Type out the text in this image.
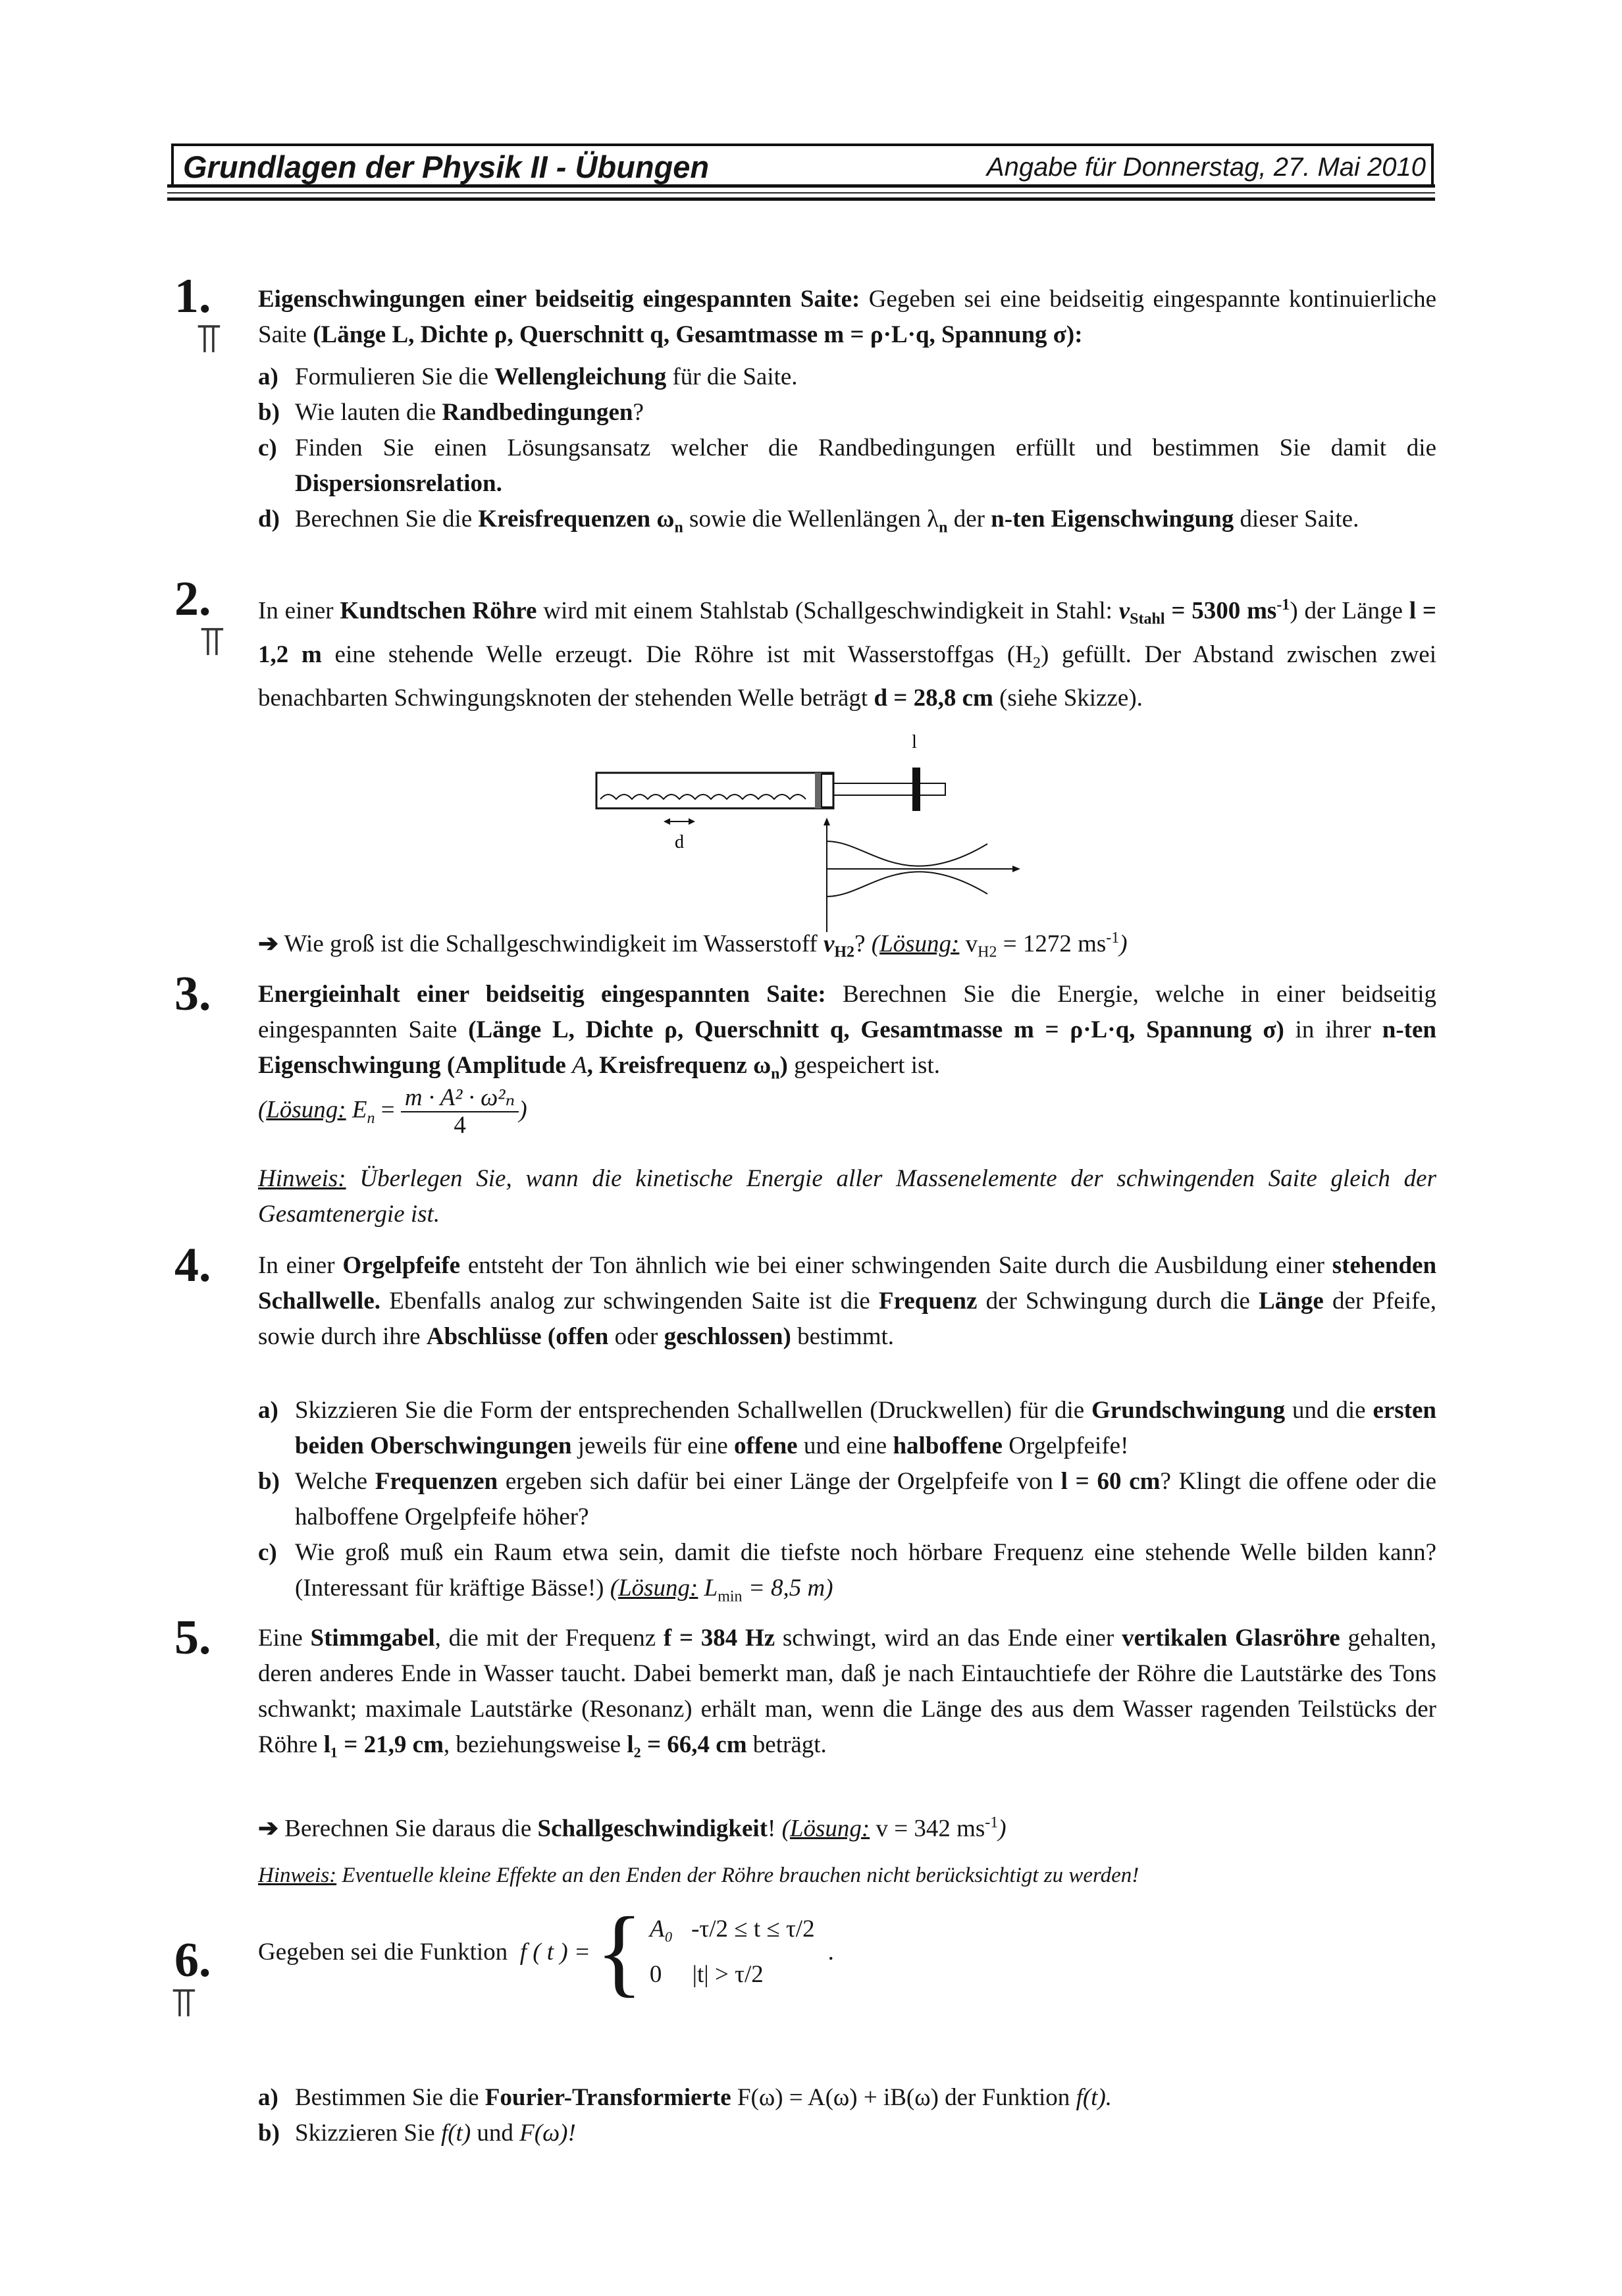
Grundlagen der Physik II - Übungen	Angabe für Donnerstag, 27. Mai 2010
1.
⫪
Eigenschwingungen einer beidseitig eingespannten Saite: Gegeben sei eine beidseitig eingespannte kontinuierliche Saite (Länge L, Dichte ρ, Querschnitt q, Gesamtmasse m = ρ·L·q, Spannung σ):
a) Formulieren Sie die Wellengleichung für die Saite.
b) Wie lauten die Randbedingungen?
c) Finden Sie einen Lösungsansatz welcher die Randbedingungen erfüllt und bestimmen Sie damit die Dispersionsrelation.
d) Berechnen Sie die Kreisfrequenzen $\omega_n$ sowie die Wellenlängen $\lambda_n$ der n-ten Eigenschwingung dieser Saite.
2.
⫪
In einer Kundtschen Röhre wird mit einem Stahlstab (Schallgeschwindigkeit in Stahl: $v_{Stahl} = 5300$ $ms^{-1}$) der Länge l = 1,2 m eine stehende Welle erzeugt. Die Röhre ist mit Wasserstoffgas $(H_2)$ gefüllt. Der Abstand zwischen zwei benachbarten Schwingungsknoten der stehenden Welle beträgt d = 28,8 cm (siehe Skizze).
l
d
➔ Wie groß ist die Schallgeschwindigkeit im Wasserstoff $v_{H2}$? (Lösung: $v_{H2} = 1272$ $ms^{-1}$)
3. Energieinhalt einer beidseitig eingespannten Saite: Berechnen Sie die Energie, welche in einer beidseitig eingespannten Saite (Länge L, Dichte ρ, Querschnitt q, Gesamtmasse m = ρ·L·q, Spannung σ) in ihrer n-ten Eigenschwingung (Amplitude A, Kreisfrequenz $\omega_n$) gespeichert ist.
(Lösung: $E_n = \frac{\text{m · A² · ω²ₙ}}{4}$ )
Hinweis: Überlegen Sie, wann die kinetische Energie aller Massenelemente der schwingenden Saite gleich der Gesamtenergie ist.
4. In einer Orgelpfeife entsteht der Ton ähnlich wie bei einer schwingenden Saite durch die Ausbildung einer stehenden Schallwelle. Ebenfalls analog zur schwingenden Saite ist die Frequenz der Schwingung durch die Länge der Pfeife, sowie durch ihre Abschlüsse (offen oder geschlossen) bestimmt.
a) Skizzieren Sie die Form der entsprechenden Schallwellen (Druckwellen) für die Grundschwingung und die ersten beiden Oberschwingungen jeweils für eine offene und eine halboffene Orgelpfeife!
b) Welche Frequenzen ergeben sich dafür bei einer Länge der Orgelpfeife von l = 60 cm? Klingt die offene oder die halboffene Orgelpfeife höher?
c) Wie groß muß ein Raum etwa sein, damit die tiefste noch hörbare Frequenz eine stehende Welle bilden kann? (Interessant für kräftige Bässe!) (Lösung: $L_{min} = 8,5$ m)
5. Eine Stimmgabel, die mit der Frequenz f = 384 Hz schwingt, wird an das Ende einer vertikalen Glasröhre gehalten, deren anderes Ende in Wasser taucht. Dabei bemerkt man, daß je nach Eintauchtiefe der Röhre die Lautstärke des Tons schwankt; maximale Lautstärke (Resonanz) erhält man, wenn die Länge des aus dem Wasser ragenden Teilstücks der Röhre l₁ = 21,9 cm, beziehungsweise l₂ = 66,4 cm beträgt.
➔ Berechnen Sie daraus die Schallgeschwindigkeit! (Lösung: v = 342 $ms^{-1}$)
Hinweis: Eventuelle kleine Effekte an den Enden der Röhre brauchen nicht berücksichtigt zu werden!
6.
⫪
Gegeben sei die Funktion
f ( t ) = { A₀ -τ/2 ≤ t ≤ τ/2
0 |t| > τ/2
.
a) Bestimmen Sie die Fourier-Transformierte F(ω) = A(ω) + iB(ω) der Funktion f(t).
b) Skizzieren Sie f(t) und F(ω)!
